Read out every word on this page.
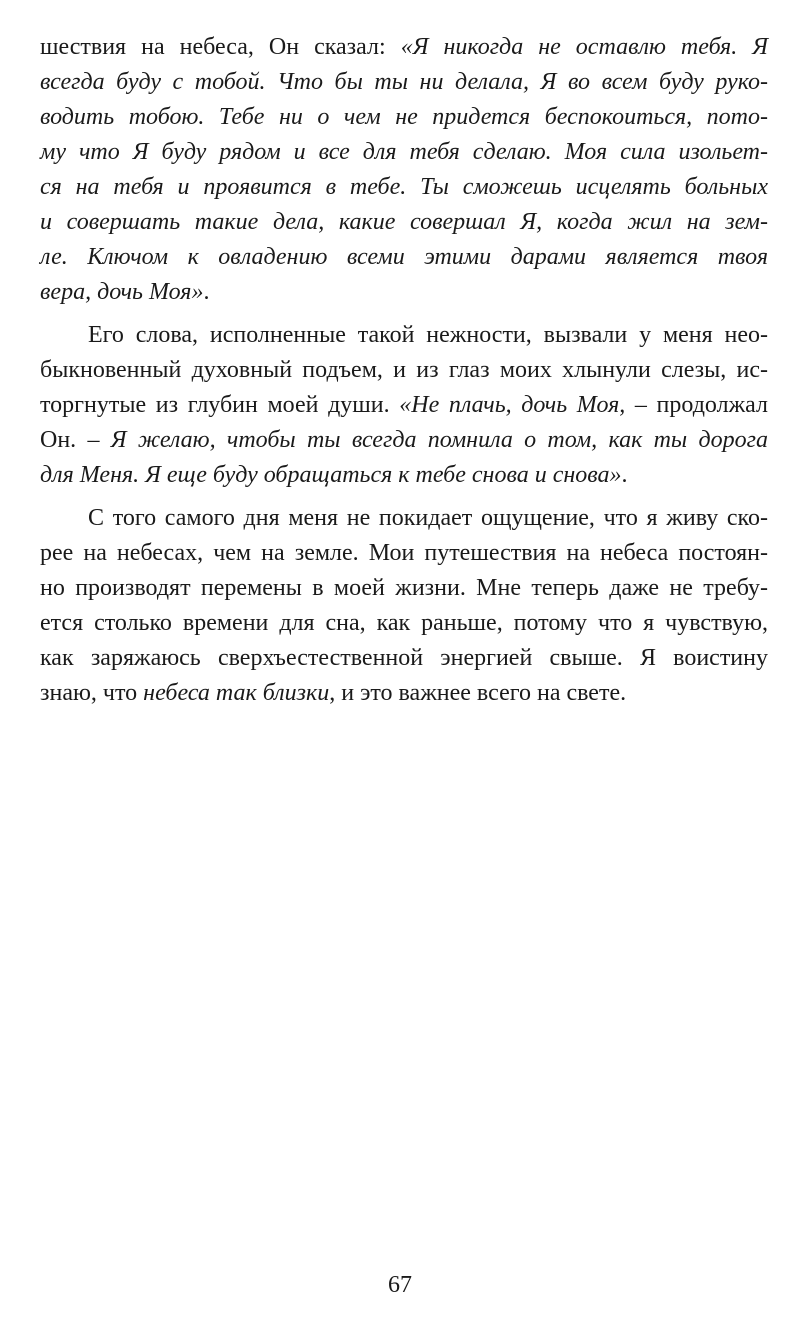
шествия на небеса, Он сказал: «Я никогда не оставлю тебя. Я
всегда буду с тобой. Что бы ты ни делала, Я во всем буду руко-
водить тобою. Тебе ни о чем не придется беспокоиться, пото-
му что Я буду рядом и все для тебя сделаю. Моя сила изольет-
ся на тебя и проявится в тебе. Ты сможешь исцелять больных
и совершать такие дела, какие совершал Я, когда жил на зем-
ле. Ключом к овладению всеми этими дарами является твоя
вера, дочь Моя».
Его слова, исполненные такой нежности, вызвали у меня нео-
быкновенный духовный подъем, и из глаз моих хлынули слезы, ис-
торгнутые из глубин моей души. «Не плачь, дочь Моя, – продолжал
Он. – Я желаю, чтобы ты всегда помнила о том, как ты дорога
для Меня. Я еще буду обращаться к тебе снова и снова».
С того самого дня меня не покидает ощущение, что я живу ско-
рее на небесах, чем на земле. Мои путешествия на небеса постоян-
но производят перемены в моей жизни. Мне теперь даже не требу-
ется столько времени для сна, как раньше, потому что я чувствую,
как заряжаюсь сверхъестественной энергией свыше. Я воистину
знаю, что небеса так близки, и это важнее всего на свете.
67
